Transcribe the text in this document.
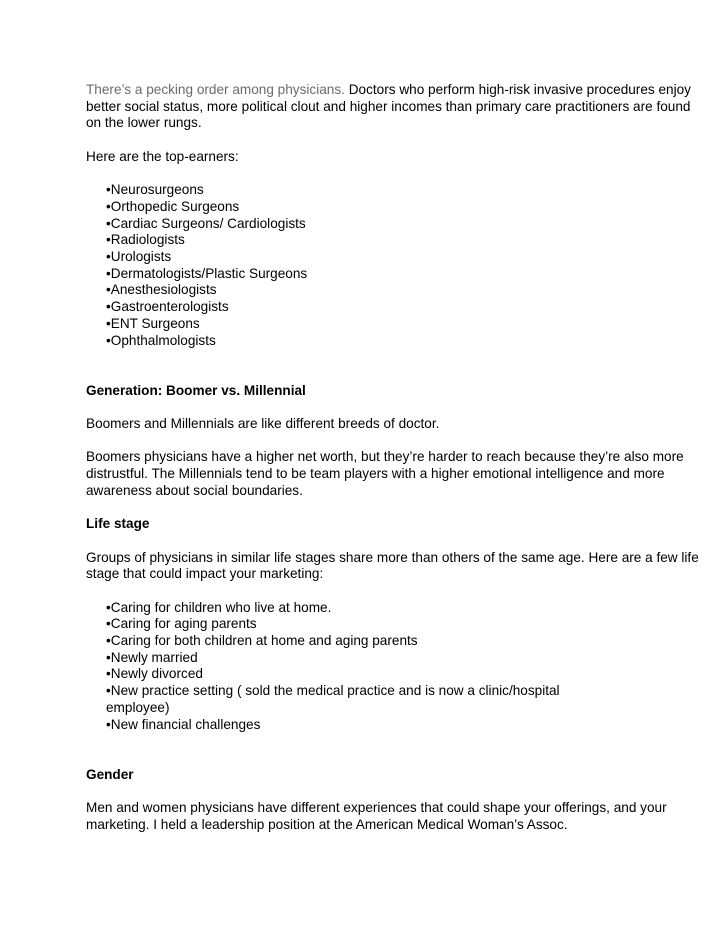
There’s a pecking order among physicians. Doctors who perform high-risk invasive procedures enjoy better social status, more political clout and higher incomes than primary care practitioners are found on the lower rungs.

Here are the top-earners:

•Neurosurgeons
•Orthopedic Surgeons
•Cardiac Surgeons/ Cardiologists
•Radiologists
•Urologists
•Dermatologists/Plastic Surgeons
•Anesthesiologists
•Gastroenterologists
•ENT Surgeons
•Ophthalmologists

Generation: Boomer vs. Millennial

Boomers and Millennials are like different breeds of doctor.

Boomers physicians have a higher net worth, but they’re harder to reach because they’re also more distrustful. The Millennials tend to be team players with a higher emotional intelligence and more awareness about social boundaries.

Life stage

Groups of physicians in similar life stages share more than others of the same age. Here are a few life stage that could impact your marketing:

•Caring for children who live at home.
•Caring for aging parents
•Caring for both children at home and aging parents
•Newly married
•Newly divorced
•New practice setting ( sold the medical practice and is now a clinic/hospital employee)
•New financial challenges

Gender

Men and women physicians have different experiences that could shape your offerings, and your marketing. I held a leadership position at the American Medical Woman’s Assoc.
